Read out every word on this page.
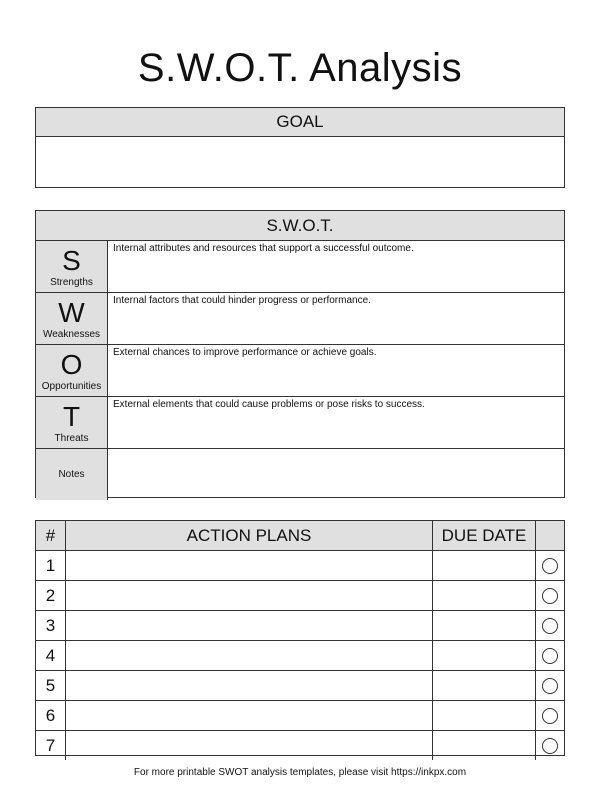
S.W.O.T. Analysis
GOAL
S.W.O.T.
S
Strengths
Internal attributes and resources that support a successful outcome.
W
Weaknesses
Internal factors that could hinder progress or performance.
O
Opportunities
External chances to improve performance or achieve goals.
T
Threats
External elements that could cause problems or pose risks to success.
Notes
#	ACTION PLANS	DUE DATE
1
2
3
4
5
6
7
For more printable SWOT analysis templates, please visit https://inkpx.com
